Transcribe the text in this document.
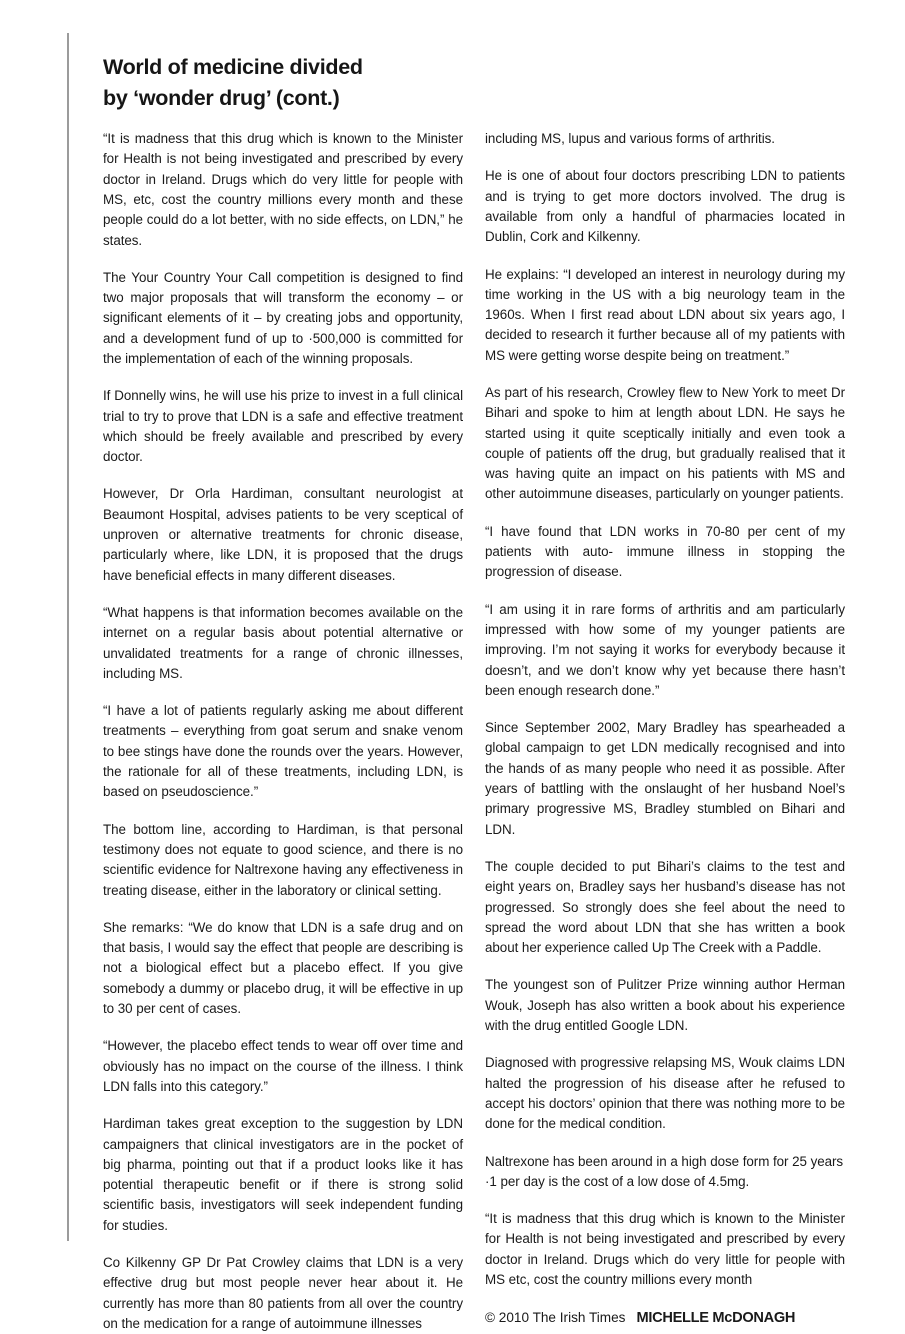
World of medicine divided
by ‘wonder drug’ (cont.)

“It is madness that this drug which is known to the Minister for Health is not being investigated and prescribed by every doctor in Ireland. Drugs which do very little for people with MS, etc, cost the country millions every month and these people could do a lot better, with no side effects, on LDN,” he states.

The Your Country Your Call competition is designed to find two major proposals that will transform the economy – or significant elements of it – by creating jobs and opportunity, and a development fund of up to ·500,000 is committed for the implementation of each of the winning proposals.

If Donnelly wins, he will use his prize to invest in a full clinical trial to try to prove that LDN is a safe and effective treatment which should be freely available and prescribed by every doctor.

However, Dr Orla Hardiman, consultant neurologist at Beaumont Hospital, advises patients to be very sceptical of unproven or alternative treatments for chronic disease, particularly where, like LDN, it is proposed that the drugs have beneficial effects in many different diseases.

“What happens is that information becomes available on the internet on a regular basis about potential alternative or unvalidated treatments for a range of chronic illnesses, including MS.

“I have a lot of patients regularly asking me about different treatments – everything from goat serum and snake venom to bee stings have done the rounds over the years. However, the rationale for all of these treatments, including LDN, is based on pseudoscience.”

The bottom line, according to Hardiman, is that personal testimony does not equate to good science, and there is no scientific evidence for Naltrexone having any effectiveness in treating disease, either in the laboratory or clinical setting.

She remarks: “We do know that LDN is a safe drug and on that basis, I would say the effect that people are describing is not a biological effect but a placebo effect. If you give somebody a dummy or placebo drug, it will be effective in up to 30 per cent of cases.

“However, the placebo effect tends to wear off over time and obviously has no impact on the course of the illness. I think LDN falls into this category.”

Hardiman takes great exception to the suggestion by LDN campaigners that clinical investigators are in the pocket of big pharma, pointing out that if a product looks like it has potential therapeutic benefit or if there is strong solid scientific basis, investigators will seek independent funding for studies.

Co Kilkenny GP Dr Pat Crowley claims that LDN is a very effective drug but most people never hear about it. He currently has more than 80 patients from all over the country on the medication for a range of autoimmune illnesses

including MS, lupus and various forms of arthritis.

He is one of about four doctors prescribing LDN to patients and is trying to get more doctors involved. The drug is available from only a handful of pharmacies located in Dublin, Cork and Kilkenny.

He explains: “I developed an interest in neurology during my time working in the US with a big neurology team in the 1960s. When I first read about LDN about six years ago, I decided to research it further because all of my patients with MS were getting worse despite being on treatment.”

As part of his research, Crowley flew to New York to meet Dr Bihari and spoke to him at length about LDN. He says he started using it quite sceptically initially and even took a couple of patients off the drug, but gradually realised that it was having quite an impact on his patients with MS and other autoimmune diseases, particularly on younger patients.

“I have found that LDN works in 70-80 per cent of my patients with auto- immune illness in stopping the progression of disease.

“I am using it in rare forms of arthritis and am particularly impressed with how some of my younger patients are improving. I’m not saying it works for everybody because it doesn’t, and we don’t know why yet because there hasn’t been enough research done.”

Since September 2002, Mary Bradley has spearheaded a global campaign to get LDN medically recognised and into the hands of as many people who need it as possible. After years of battling with the onslaught of her husband Noel’s primary progressive MS, Bradley stumbled on Bihari and LDN.

The couple decided to put Bihari’s claims to the test and eight years on, Bradley says her husband’s disease has not progressed. So strongly does she feel about the need to spread the word about LDN that she has written a book about her experience called Up The Creek with a Paddle.

The youngest son of Pulitzer Prize winning author Herman Wouk, Joseph has also written a book about his experience with the drug entitled Google LDN.

Diagnosed with progressive relapsing MS, Wouk claims LDN halted the progression of his disease after he refused to accept his doctors’ opinion that there was nothing more to be done for the medical condition.

Naltrexone has been around in a high dose form for 25 years ·1 per day is the cost of a low dose of 4.5mg.

“It is madness that this drug which is known to the Minister for Health is not being investigated and prescribed by every doctor in Ireland. Drugs which do very little for people with MS etc, cost the country millions every month

© 2010 The Irish Times MICHELLE McDONAGH
